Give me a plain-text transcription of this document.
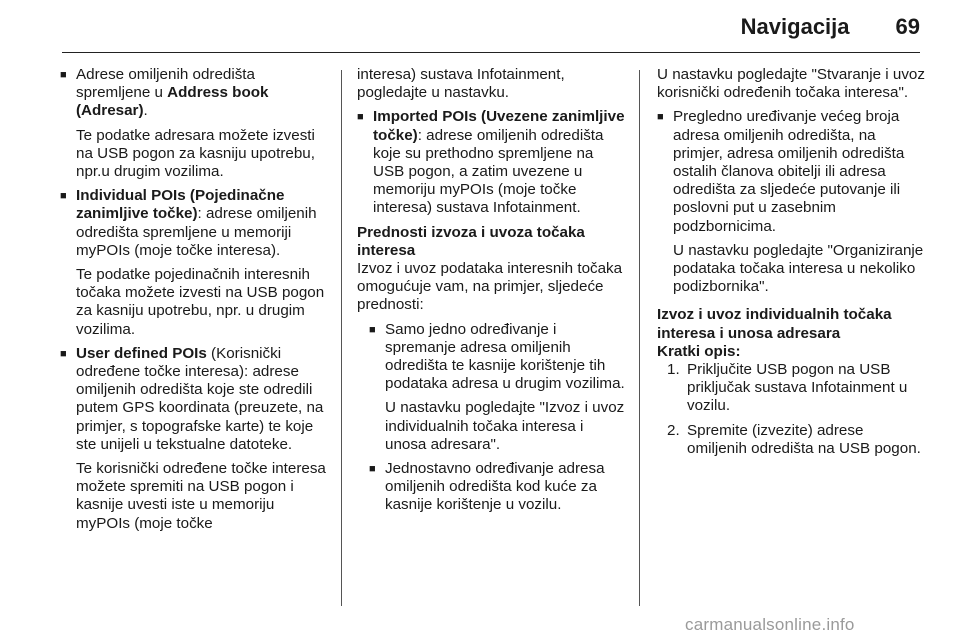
Navigacija 69

■ Adrese omiljenih odredišta spremljene u Address book (Adresar).

Te podatke adresara možete izvesti na USB pogon za kasniju upotrebu, npr.u drugim vozilima.

■ Individual POIs (Pojedinačne zanimljive točke): adrese omiljenih odredišta spremljene u memoriji myPOIs (moje točke interesa).

Te podatke pojedinačnih interesnih točaka možete izvesti na USB pogon za kasniju upotrebu, npr. u drugim vozilima.

■ User defined POIs (Korisnički određene točke interesa): adrese omiljenih odredišta koje ste odredili putem GPS koordinata (preuzete, na primjer, s topografske karte) te koje ste unijeli u tekstualne datoteke.

Te korisnički određene točke interesa možete spremiti na USB pogon i kasnije uvesti iste u memoriju myPOIs (moje točke

interesa) sustava Infotainment, pogledajte u nastavku.

■ Imported POIs (Uvezene zanimljive točke): adrese omiljenih odredišta koje su prethodno spremljene na USB pogon, a zatim uvezene u memoriju myPOIs (moje točke interesa) sustava Infotainment.

Prednosti izvoza i uvoza točaka interesa

Izvoz i uvoz podataka interesnih točaka omogućuje vam, na primjer, sljedeće prednosti:

■ Samo jedno određivanje i spremanje adresa omiljenih odredišta te kasnije korištenje tih podataka adresa u drugim vozilima.

U nastavku pogledajte "Izvoz i uvoz individualnih točaka interesa i unosa adresara".

■ Jednostavno određivanje adresa omiljenih odredišta kod kuće za kasnije korištenje u vozilu.

U nastavku pogledajte "Stvaranje i uvoz korisnički određenih točaka interesa".

■ Pregledno uređivanje većeg broja adresa omiljenih odredišta, na primjer, adresa omiljenih odredišta ostalih članova obitelji ili adresa odredišta za sljedeće putovanje ili poslovni put u zasebnim podzbornicima.

U nastavku pogledajte "Organiziranje podataka točaka interesa u nekoliko podizbornika".

Izvoz i uvoz individualnih točaka interesa i unosa adresara

Kratki opis:

1. Priključite USB pogon na USB priključak sustava Infotainment u vozilu.
2. Spremite (izvezite) adrese omiljenih odredišta na USB pogon.
carmanualsonline.info
